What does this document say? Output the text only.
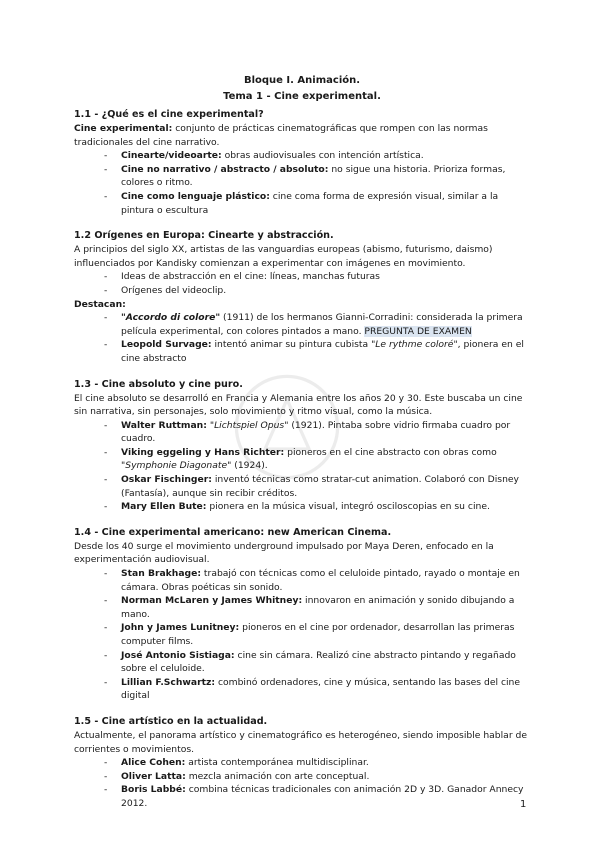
Bloque I. Animación.

Tema 1 - Cine experimental.

1.1 - ¿Qué es el cine experimental?

Cine experimental: conjunto de prácticas cinematográficas que rompen con las normas tradicionales del cine narrativo.

- Cinearte/videoarte: obras audiovisuales con intención artística.
- Cine no narrativo / abstracto / absoluto: no sigue una historia. Prioriza formas, colores o ritmo.
- Cine como lenguaje plástico: cine coma forma de expresión visual, similar a la pintura o escultura
1.2 Orígenes en Europa: Cinearte y abstracción.

A principios del siglo XX, artistas de las vanguardias europeas (abismo, futurismo, daismo) influenciados por Kandisky comienzan a experimentar con imágenes en movimiento.

- Ideas de abstracción en el cine: líneas, manchas futuras
- Orígenes del videoclip.

Destacan:

- "Accordo di colore" (1911) de los hermanos Gianni-Corradini: considerada la primera película experimental, con colores pintados a mano. PREGUNTA DE EXAMEN
- Leopold Survage: intentó animar su pintura cubista "Le rythme coloré", pionera en el cine abstracto
1.3 - Cine absoluto y cine puro.

El cine absoluto se desarrolló en Francia y Alemania entre los años 20 y 30. Este buscaba un cine sin narrativa, sin personajes, solo movimiento y ritmo visual, como la música.

- Walter Ruttman: "Lichtspiel Opus" (1921). Pintaba sobre vidrio firmaba cuadro por cuadro.
- Viking eggeling y Hans Richter: pioneros en el cine abstracto con obras como "Symphonie Diagonate" (1924).
- Oskar Fischinger: inventó técnicas como stratar-cut animation. Colaboró con Disney (Fantasía), aunque sin recibir créditos.
- Mary Ellen Bute: pionera en la música visual, integró osciloscopias en su cine.
1.4 - Cine experimental americano: new American Cinema.

Desde los 40 surge el movimiento underground impulsado por Maya Deren, enfocado en la experimentación audiovisual.

- Stan Brakhage: trabajó con técnicas como el celuloide pintado, rayado o montaje en cámara. Obras poéticas sin sonido.
- Norman McLaren y James Whitney: innovaron en animación y sonido dibujando a mano.
- John y James Lunitney: pioneros en el cine por ordenador, desarrollan las primeras computer films.
- José Antonio Sistiaga: cine sin cámara. Realizó cine abstracto pintando y regañado sobre el celuloide.
- Lillian F.Schwartz: combinó ordenadores, cine y música, sentando las bases del cine digital
1.5 - Cine artístico en la actualidad.

Actualmente, el panorama artístico y cinematográfico es heterogéneo, siendo imposible hablar de corrientes o movimientos.

- Alice Cohen: artista contemporánea multidisciplinar.
- Oliver Latta: mezcla animación con arte conceptual.
- Boris Labbé: combina técnicas tradicionales con animación 2D y 3D. Ganador Annecy 2012.	1
